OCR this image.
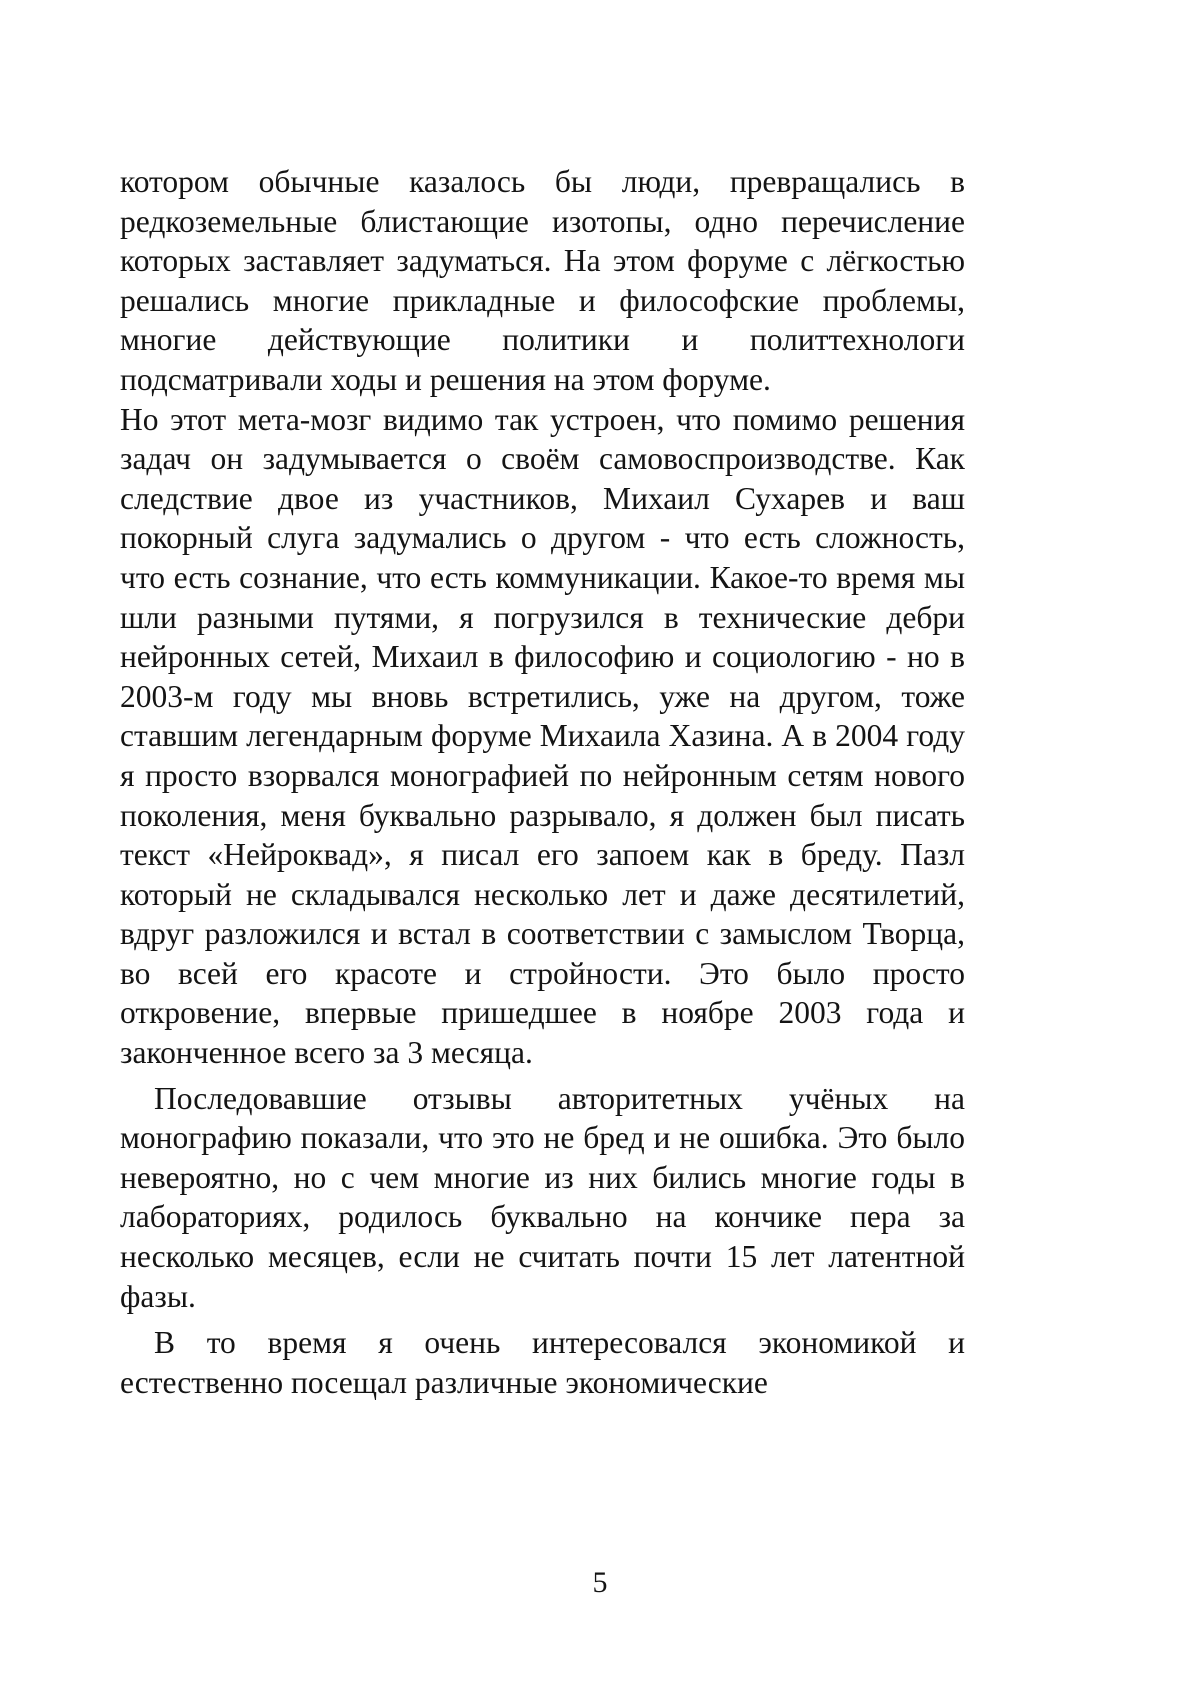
котором обычные казалось бы люди, превращались в редкоземельные блистающие изотопы, одно перечисление которых заставляет задуматься. На этом форуме с лёгкостью решались многие прикладные и философские проблемы, многие действующие политики и политтехнологи подсматривали ходы и решения на этом форуме.

Но этот мета-мозг видимо так устроен, что помимо решения задач он задумывается о своём самовоспроизводстве. Как следствие двое из участников, Михаил Сухарев и ваш покорный слуга задумались о другом - что есть сложность, что есть сознание, что есть коммуникации. Какое-то время мы шли разными путями, я погрузился в технические дебри нейронных сетей, Михаил в философию и социологию - но в 2003-м году мы вновь встретились, уже на другом, тоже ставшим легендарным форуме Михаила Хазина. А в 2004 году я просто взорвался монографией по нейронным сетям нового поколения, меня буквально разрывало, я должен был писать текст «Нейроквад», я писал его запоем как в бреду. Пазл который не складывался несколько лет и даже десятилетий, вдруг разложился и встал в соответствии с замыслом Творца, во всей его красоте и стройности. Это было просто откровение, впервые пришедшее в ноябре 2003 года и законченное всего за 3 месяца.

Последовавшие отзывы авторитетных учёных на монографию показали, что это не бред и не ошибка. Это было невероятно, но с чем многие из них бились многие годы в лабораториях, родилось буквально на кончике пера за несколько месяцев, если не считать почти 15 лет латентной фазы.

В то время я очень интересовался экономикой и естественно посещал различные экономические

5
